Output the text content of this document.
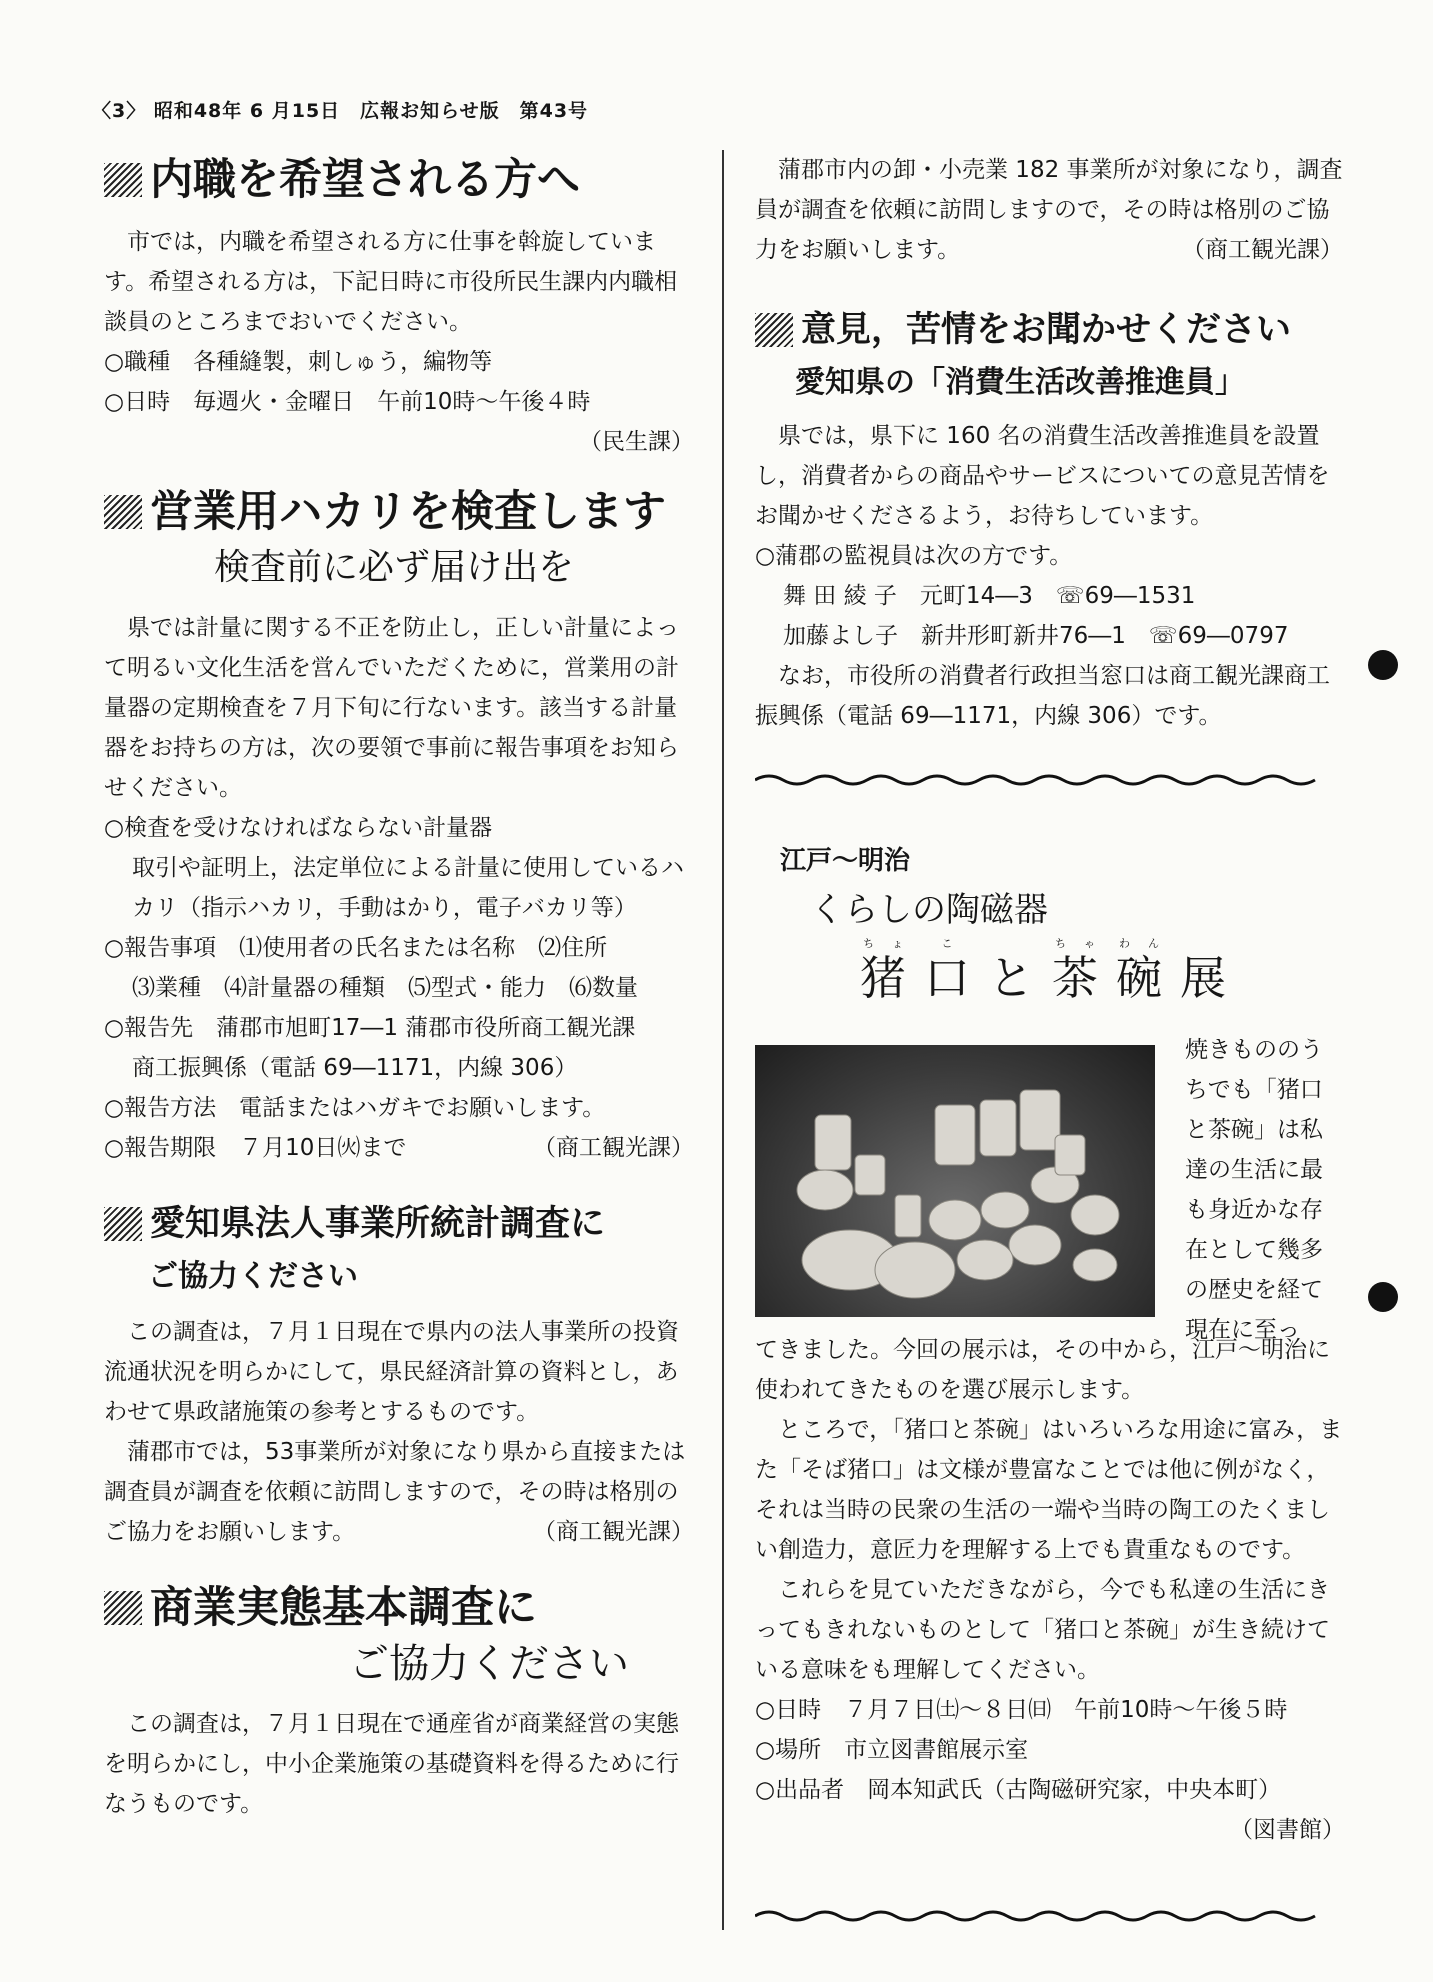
〈3〉 昭和48年 6 月15日　広報お知らせ版　第43号
内職を希望される方へ

市では，内職を希望される方に仕事を斡旋しています。希望される方は，下記日時に市役所民生課内内職相談員のところまでおいでください。

○職種　各種縫製，刺しゅう，編物等

○日時　毎週火・金曜日　午前10時～午後４時

（民生課）

営業用ハカリを検査します

検査前に必ず届け出を

県では計量に関する不正を防止し，正しい計量によって明るい文化生活を営んでいただくために，営業用の計量器の定期検査を７月下旬に行ないます。該当する計量器をお持ちの方は，次の要領で事前に報告事項をお知らせください。

○検査を受けなければならない計量器

取引や証明上，法定単位による計量に使用しているハカリ（指示ハカリ，手動はかり，電子バカリ等）

○報告事項　⑴使用者の氏名または名称　⑵住所

⑶業種　⑷計量器の種類　⑸型式・能力　⑹数量

○報告先　蒲郡市旭町17―1 蒲郡市役所商工観光課

商工振興係（電話 69―1171，内線 306）

○報告方法　電話またはハガキでお願いします。

○報告期限　７月10日㈫まで	（商工観光課）

愛知県法人事業所統計調査に

ご協力ください

この調査は，７月１日現在で県内の法人事業所の投資流通状況を明らかにして，県民経済計算の資料とし，あわせて県政諸施策の参考とするものです。

蒲郡市では，53事業所が対象になり県から直接または調査員が調査を依頼に訪問しますので，その時は格別のご協力をお願いします。	（商工観光課）

商業実態基本調査に

ご協力ください

この調査は，７月１日現在で通産省が商業経営の実態を明らかにし，中小企業施策の基礎資料を得るために行なうものです。

蒲郡市内の卸・小売業 182 事業所が対象になり，調査員が調査を依頼に訪問しますので，その時は格別のご協力をお願いします。	（商工観光課）

意見，苦情をお聞かせください

愛知県の「消費生活改善推進員」

県では，県下に 160 名の消費生活改善推進員を設置し，消費者からの商品やサービスについての意見苦情をお聞かせくださるよう，お待ちしています。

○蒲郡の監視員は次の方です。

舞 田 綾 子　元町14―3　☏69―1531

加藤よし子　新井形町新井76―1　☏69―0797

なお，市役所の消費者行政担当窓口は商工観光課商工振興係（電話 69―1171，内線 306）です。

江戸～明治

くらしの陶磁器

ちょ
猪
こ
口と
ちゃ
茶
わん
碗展

焼きもののうちでも「猪口と茶碗」は私達の生活に最も身近かな存在として幾多の歴史を経て現在に至っ

てきました。今回の展示は，その中から，江戸～明治に使われてきたものを選び展示します。

ところで，「猪口と茶碗」はいろいろな用途に富み，また「そば猪口」は文様が豊富なことでは他に例がなく，それは当時の民衆の生活の一端や当時の陶工のたくましい創造力，意匠力を理解する上でも貴重なものです。

これらを見ていただきながら，今でも私達の生活にきってもきれないものとして「猪口と茶碗」が生き続けている意味をも理解してください。

○日時　７月７日㈯～８日㈰　午前10時～午後５時

○場所　市立図書館展示室

○出品者　岡本知武氏（古陶磁研究家，中央本町）

（図書館）
